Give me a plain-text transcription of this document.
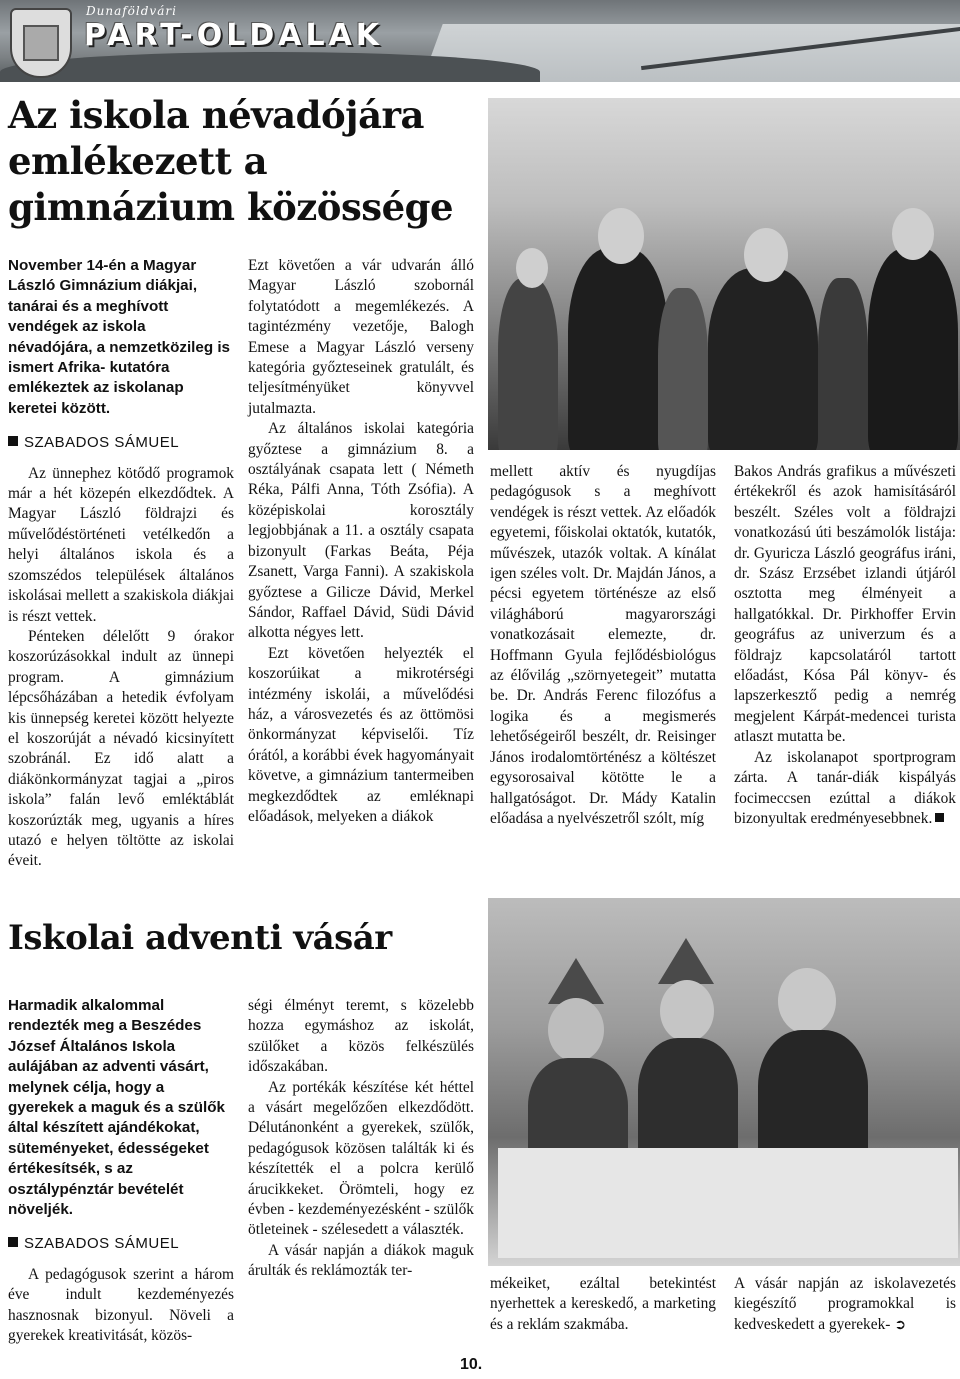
Dunaföldvári
PART-OLDALAK
Az iskola névadójára emlékezett a gimnázium közössége

November 14-én a Magyar László Gimnázium diákjai, tanárai és a meghívott vendégek az iskola névadójára, a nemzetközileg is ismert Afrika- kutatóra emlékeztek az iskolanap keretei között.

SZABADOS SÁMUEL

Az ünnephez kötődő programok már a hét közepén elkezdődtek. A Magyar László földrajzi és művelődéstörténeti vetélkedőn a helyi általános iskola és a szomszédos települések általános iskolásai mellett a szakiskola diákjai is részt vettek.

Pénteken délelőtt 9 órakor koszorúzásokkal indult az ünnepi program. A gimnázium lépcsőházában a hetedik évfolyam kis ünnepség keretei között helyezte el koszorúját a névadó kicsinyített szobránál. Ez idő alatt a diákönkormányzat tagjai a „piros iskola” falán levő emléktáblát koszorúzták meg, ugyanis a híres utazó e helyen töltötte az iskolai éveit.

Ezt követően a vár udvarán álló Magyar László szobornál folytatódott a megemlékezés. A tagintézmény vezetője, Balogh Emese a Magyar László verseny kategória győzteseinek gratulált, és teljesítményüket könyvvel jutalmazta.

Az általános iskolai kategória győztese a gimnázium 8. a osztályának csapata lett ( Németh Réka, Pálfi Anna, Tóth Zsófia). A középiskolai korosztály legjobbjának a 11. a osztály csapata bizonyult (Farkas Beáta, Péja Zsanett, Varga Fanni). A szakiskola győztese a Gilicze Dávid, Merkel Sándor, Raffael Dávid, Südi Dávid alkotta négyes lett.

Ezt követően helyezték el koszorúikat a mikrotérségi intézmény iskolái, a művelődési ház, a városvezetés és az öttömösi önkormányzat képviselői. Tíz órától, a korábbi évek hagyományait követve, a gimnázium tantermeiben megkezdődtek az emléknapi előadások, melyeken a diákok

mellett aktív és nyugdíjas pedagógusok s a meghívott vendégek is részt vettek. Az előadók egyetemi, főiskolai oktatók, kutatók, művészek, utazók voltak. A kínálat igen széles volt. Dr. Majdán János, a pécsi egyetem történésze az első világháború magyarországi vonatkozásait elemezte, dr. Hoffmann Gyula fejlődésbiológus az élővilág „szörnyetegeit” mutatta be. Dr. András Ferenc filozófus a logika és a megismerés lehetőségeiről beszélt, dr. Reisinger János irodalomtörténész a költészet egysorosaival kötötte le a hallgatóságot. Dr. Mády Katalin előadása a nyelvészetről szólt, míg

Bakos András grafikus a művészeti értékekről és azok hamisításáról beszélt. Széles volt a földrajzi vonatkozású úti beszámolók listája: dr. Gyuricza László geográfus iráni, dr. Szász Erzsébet izlandi útjáról osztotta meg élményeit a hallgatókkal. Dr. Pirkhoffer Ervin geográfus az univerzum és a földrajz kapcsolatáról tartott előadást, Kósa Pál könyv- és lapszerkesztő pedig a nemrég megjelent Kárpát-medencei turista atlaszt mutatta be.

Az iskolanapot sportprogram zárta. A tanár-diák kispályás focimeccsen ezúttal a diákok bizonyultak eredményesebbnek.

Iskolai adventi vásár

Harmadik alkalommal rendezték meg a Beszédes József Általános Iskola aulájában az adventi vásárt, melynek célja, hogy a gyerekek a maguk és a szülők által készített ajándékokat, süteményeket, édességeket értékesítsék, s az osztálypénztár bevételét növeljék.

SZABADOS SÁMUEL

A pedagógusok szerint a három éve indult kezdeményezés hasznosnak bizonyul. Növeli a gyerekek kreativitását, közös-

ségi élményt teremt, s közelebb hozza egymáshoz az iskolát, szülőket a közös felkészülés időszakában.

Az portékák készítése két héttel a vásárt megelőzően elkezdődött. Délutánonként a gyerekek, szülők, pedagógusok közösen találták ki és készítették el a polcra kerülő árucikkeket. Örömteli, hogy ez évben - kezdeményezésként - szülők ötleteinek - szélesedett a választék.

A vásár napján a diákok maguk árulták és reklámozták ter-

mékeiket, ezáltal betekintést nyerhettek a kereskedő, a marketing és a reklám szakmába.

A vásár napján az iskolavezetés kiegészítő programokkal is kedveskedett a gyerekek- ➲

10.
